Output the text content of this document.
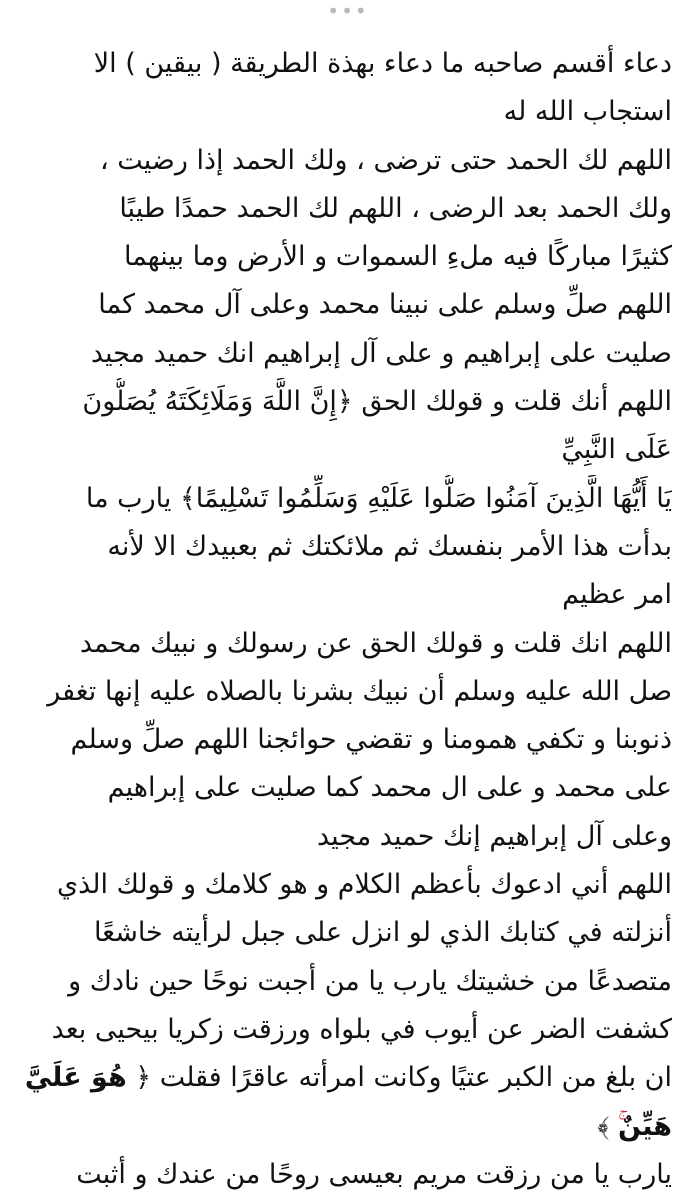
•••
دعاء أقسم صاحبه ما دعاء بهذة الطريقة ( بيقين ) الا
استجاب الله له
اللهم لك الحمد حتى ترضى ، ولك الحمد إذا رضيت ،
ولك الحمد بعد الرضى ، اللهم لك الحمد حمدًا طيبًا
كثيرًا مباركًا فيه ملءِ السموات و الأرض وما بينهما
اللهم صلِّ وسلم على نبينا محمد وعلى آل محمد كما
صليت على إبراهيم و على آل إبراهيم انك حميد مجيد
اللهم أنك قلت و قولك الحق ﴿إِنَّ اللَّهَ وَمَلَائِكَتَهُ يُصَلُّونَ
عَلَى النَّبِيِّ
يَا أَيُّهَا الَّذِينَ آمَنُوا صَلُّوا عَلَيْهِ وَسَلِّمُوا تَسْلِيمًا﴾ يارب ما
بدأت هذا الأمر بنفسك ثم ملائكتك ثم بعبيدك الا لأنه
امر عظيم
اللهم انك قلت و قولك الحق عن رسولك و نبيك محمد
صل الله عليه وسلم أن نبيك بشرنا بالصلاه عليه إنها تغفر
ذنوبنا و تكفي همومنا و تقضي حوائجنا اللهم صلِّ وسلم
على محمد و على ال محمد كما صليت على إبراهيم
وعلى آل إبراهيم إنك حميد مجيد
اللهم أني ادعوك بأعظم الكلام و هو كلامك و قولك الذي
أنزلته في كتابك الذي لو انزل على جبل لرأيته خاشعًا
متصدعًا من خشيتك يارب يا من أجبت نوحًا حين نادك و
كشفت الضر عن أيوب في بلواه ورزقت زكريا بيحيى بعد
ان بلغ من الكبر عتيًا وكانت امرأته عاقرًا فقلت ﴿ هُوَ عَلَيَّ
هَيِّنٌ ﴾
يارب يا من رزقت مريم بعيسى روحًا من عندك و أثبت
